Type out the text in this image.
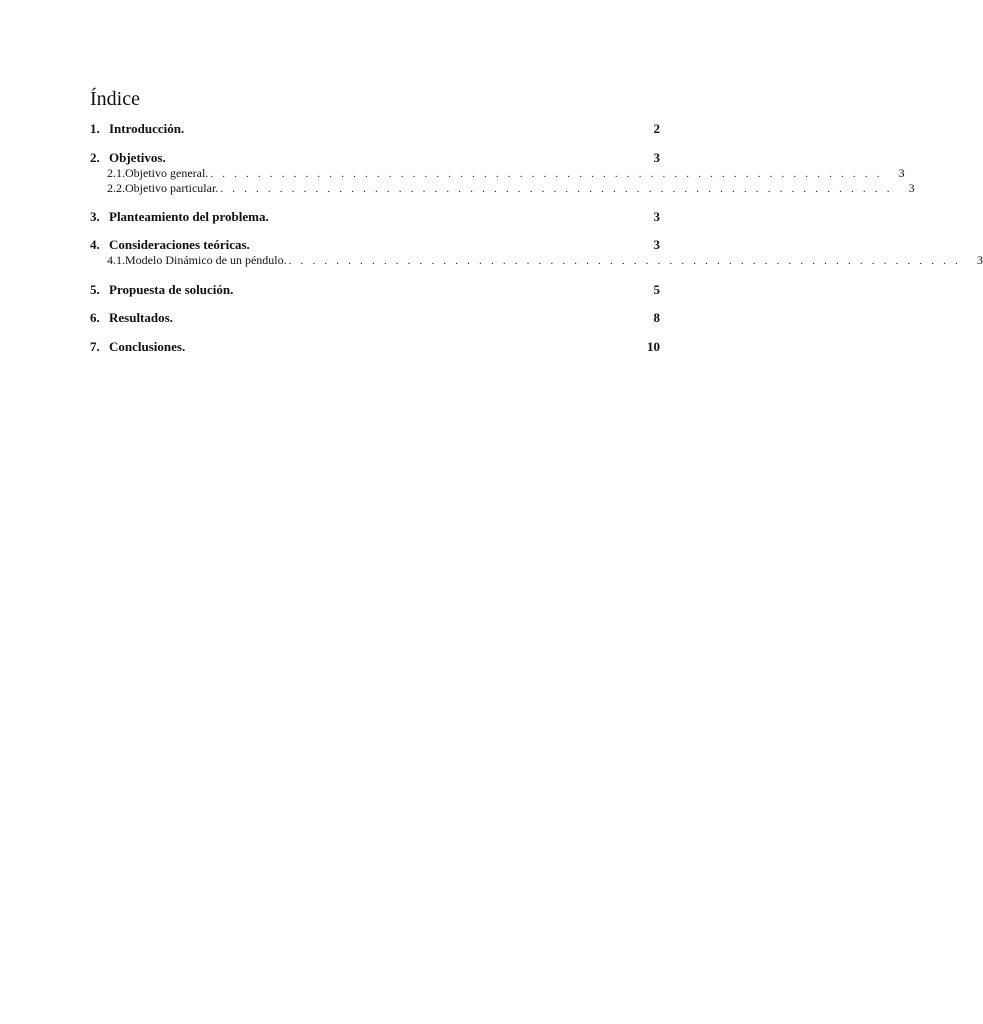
Índice
1. Introducción.	2
2. Objetivos.	3
2.1. Objetivo general. . . . . . . . . . . . . . . . . . . . . . . . . . . . . . . . . . . . . . . . . . . . . . . . . . . . . . . . . .	3
2.2. Objetivo particular. . . . . . . . . . . . . . . . . . . . . . . . . . . . . . . . . . . . . . . . . . . . . . . . . . . . . . . . . .	3
3. Planteamiento del problema.	3
4. Consideraciones teóricas.	3
4.1. Modelo Dinámico de un péndulo. . . . . . . . . . . . . . . . . . . . . . . . . . . . . . . . . . . . . . . . . . . . . . . . . . . . . . . . . .	3
5. Propuesta de solución.	5
6. Resultados.	8
7. Conclusiones.	10
